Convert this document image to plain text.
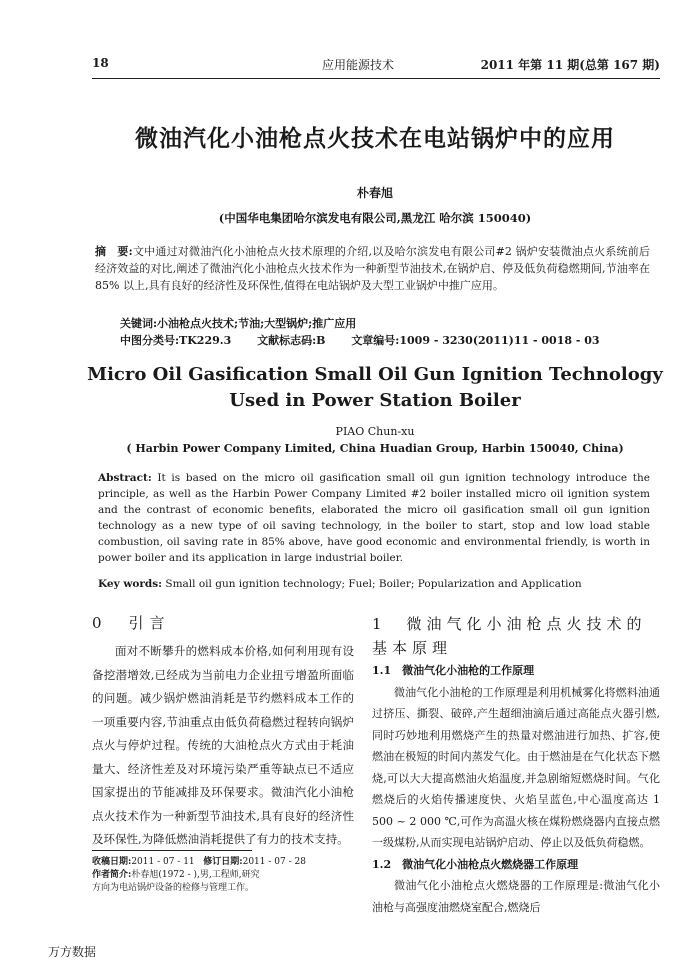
18	应用能源技术	2011 年第 11 期(总第 167 期)
微油汽化小油枪点火技术在电站锅炉中的应用
朴春旭
(中国华电集团哈尔滨发电有限公司,黑龙江 哈尔滨 150040)
摘　要:文中通过对微油汽化小油枪点火技术原理的介绍,以及哈尔滨发电有限公司#2 锅炉安装微油点火系统前后经济效益的对比,阐述了微油汽化小油枪点火技术作为一种新型节油技术,在锅炉启、停及低负荷稳燃期间,节油率在 85% 以上,具有良好的经济性及环保性,值得在电站锅炉及大型工业锅炉中推广应用。
关键词:小油枪点火技术;节油;大型锅炉;推广应用
中图分类号:TK229.3 文献标志码:B 文章编号:1009 - 3230(2011)11 - 0018 - 03
Micro Oil Gasification Small Oil Gun Ignition Technology
Used in Power Station Boiler
PIAO Chun-xu
( Harbin Power Company Limited, China Huadian Group, Harbin 150040, China)
Abstract: It is based on the micro oil gasification small oil gun ignition technology introduce the principle, as well as the Harbin Power Company Limited #2 boiler installed micro oil ignition system and the contrast of economic benefits, elaborated the micro oil gasification small oil gun ignition technology as a new type of oil saving technology, in the boiler to start, stop and low load stable combustion, oil saving rate in 85% above, have good economic and environmental friendly, is worth in power boiler and its application in large industrial boiler.
Key words: Small oil gun ignition technology; Fuel; Boiler; Popularization and Application
0　引言
面对不断攀升的燃料成本价格,如何利用现有设备挖潜增效,已经成为当前电力企业扭亏增盈所面临的问题。减少锅炉燃油消耗是节约燃料成本工作的一项重要内容,节油重点由低负荷稳燃过程转向锅炉点火与停炉过程。传统的大油枪点火方式由于耗油量大、经济性差及对环境污染严重等缺点已不适应国家提出的节能减排及环保要求。微油汽化小油枪点火技术作为一种新型节油技术,具有良好的经济性及环保性,为降低燃油消耗提供了有力的技术支持。
1　微油气化小油枪点火技术的基本原理
1.1　微油气化小油枪的工作原理
微油气化小油枪的工作原理是利用机械雾化将燃料油通过挤压、撕裂、破碎,产生超细油滴后通过高能点火器引燃,同时巧妙地利用燃烧产生的热量对燃油进行加热、扩容,使燃油在极短的时间内蒸发气化。由于燃油是在气化状态下燃烧,可以大大提高燃油火焰温度,并急剧缩短燃烧时间。气化燃烧后的火焰传播速度快、火焰呈蓝色,中心温度高达 1 500 ~ 2 000 ℃,可作为高温火核在煤粉燃烧器内直接点燃一级煤粉,从而实现电站锅炉启动、停止以及低负荷稳燃。
1.2　微油气化小油枪点火燃烧器工作原理
微油气化小油枪点火燃烧器的工作原理是:微油气化小油枪与高强度油燃烧室配合,燃烧后
收稿日期:2011 - 07 - 11 修订日期:2011 - 07 - 28
作者简介:朴春旭(1972 - ),男,工程师,研究方向为电站锅炉设备的检修与管理工作。
万方数据
